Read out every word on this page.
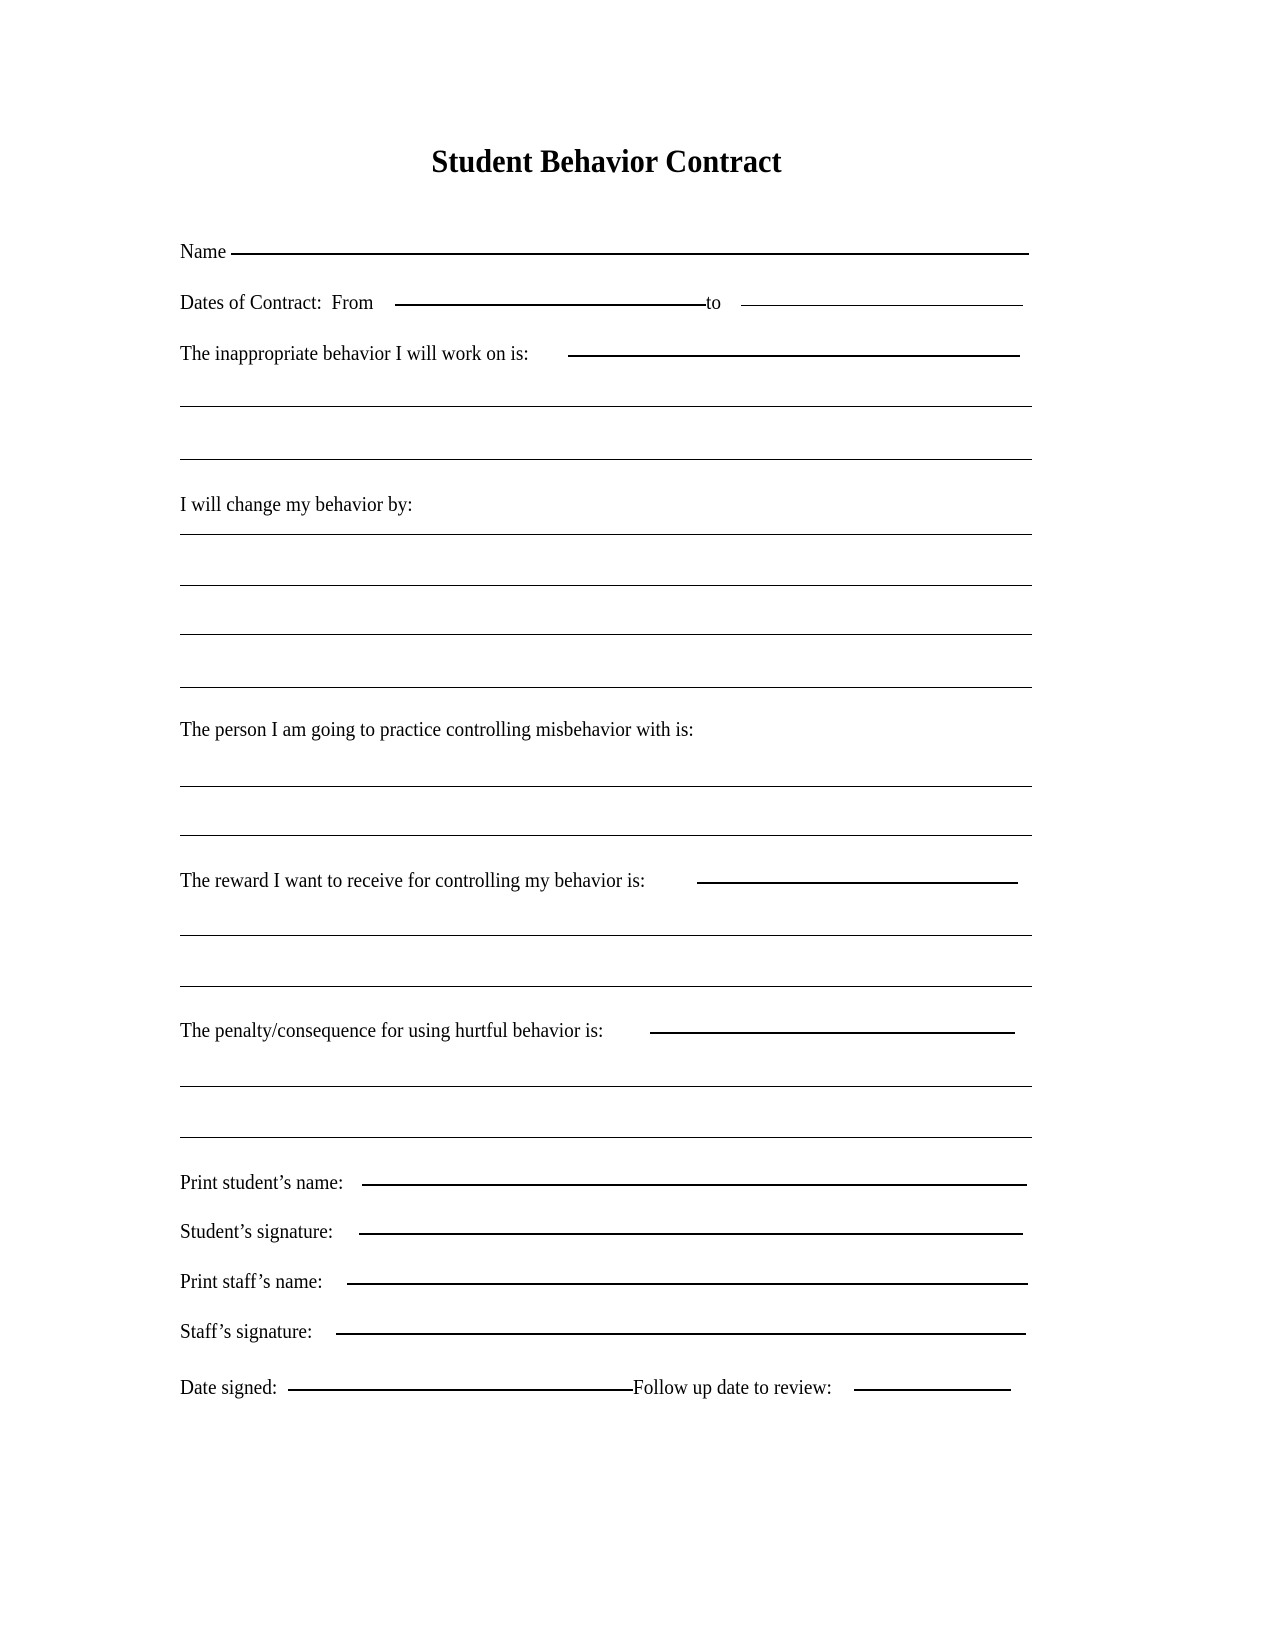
Student Behavior Contract
Name
Dates of Contract:  From	to
The inappropriate behavior I will work on is:
I will change my behavior by:
The person I am going to practice controlling misbehavior with is:
The reward I want to receive for controlling my behavior is:
The penalty/consequence for using hurtful behavior is:
Print student’s name:
Student’s signature:
Print staff’s name:
Staff’s signature:
Date signed:	Follow up date to review:
